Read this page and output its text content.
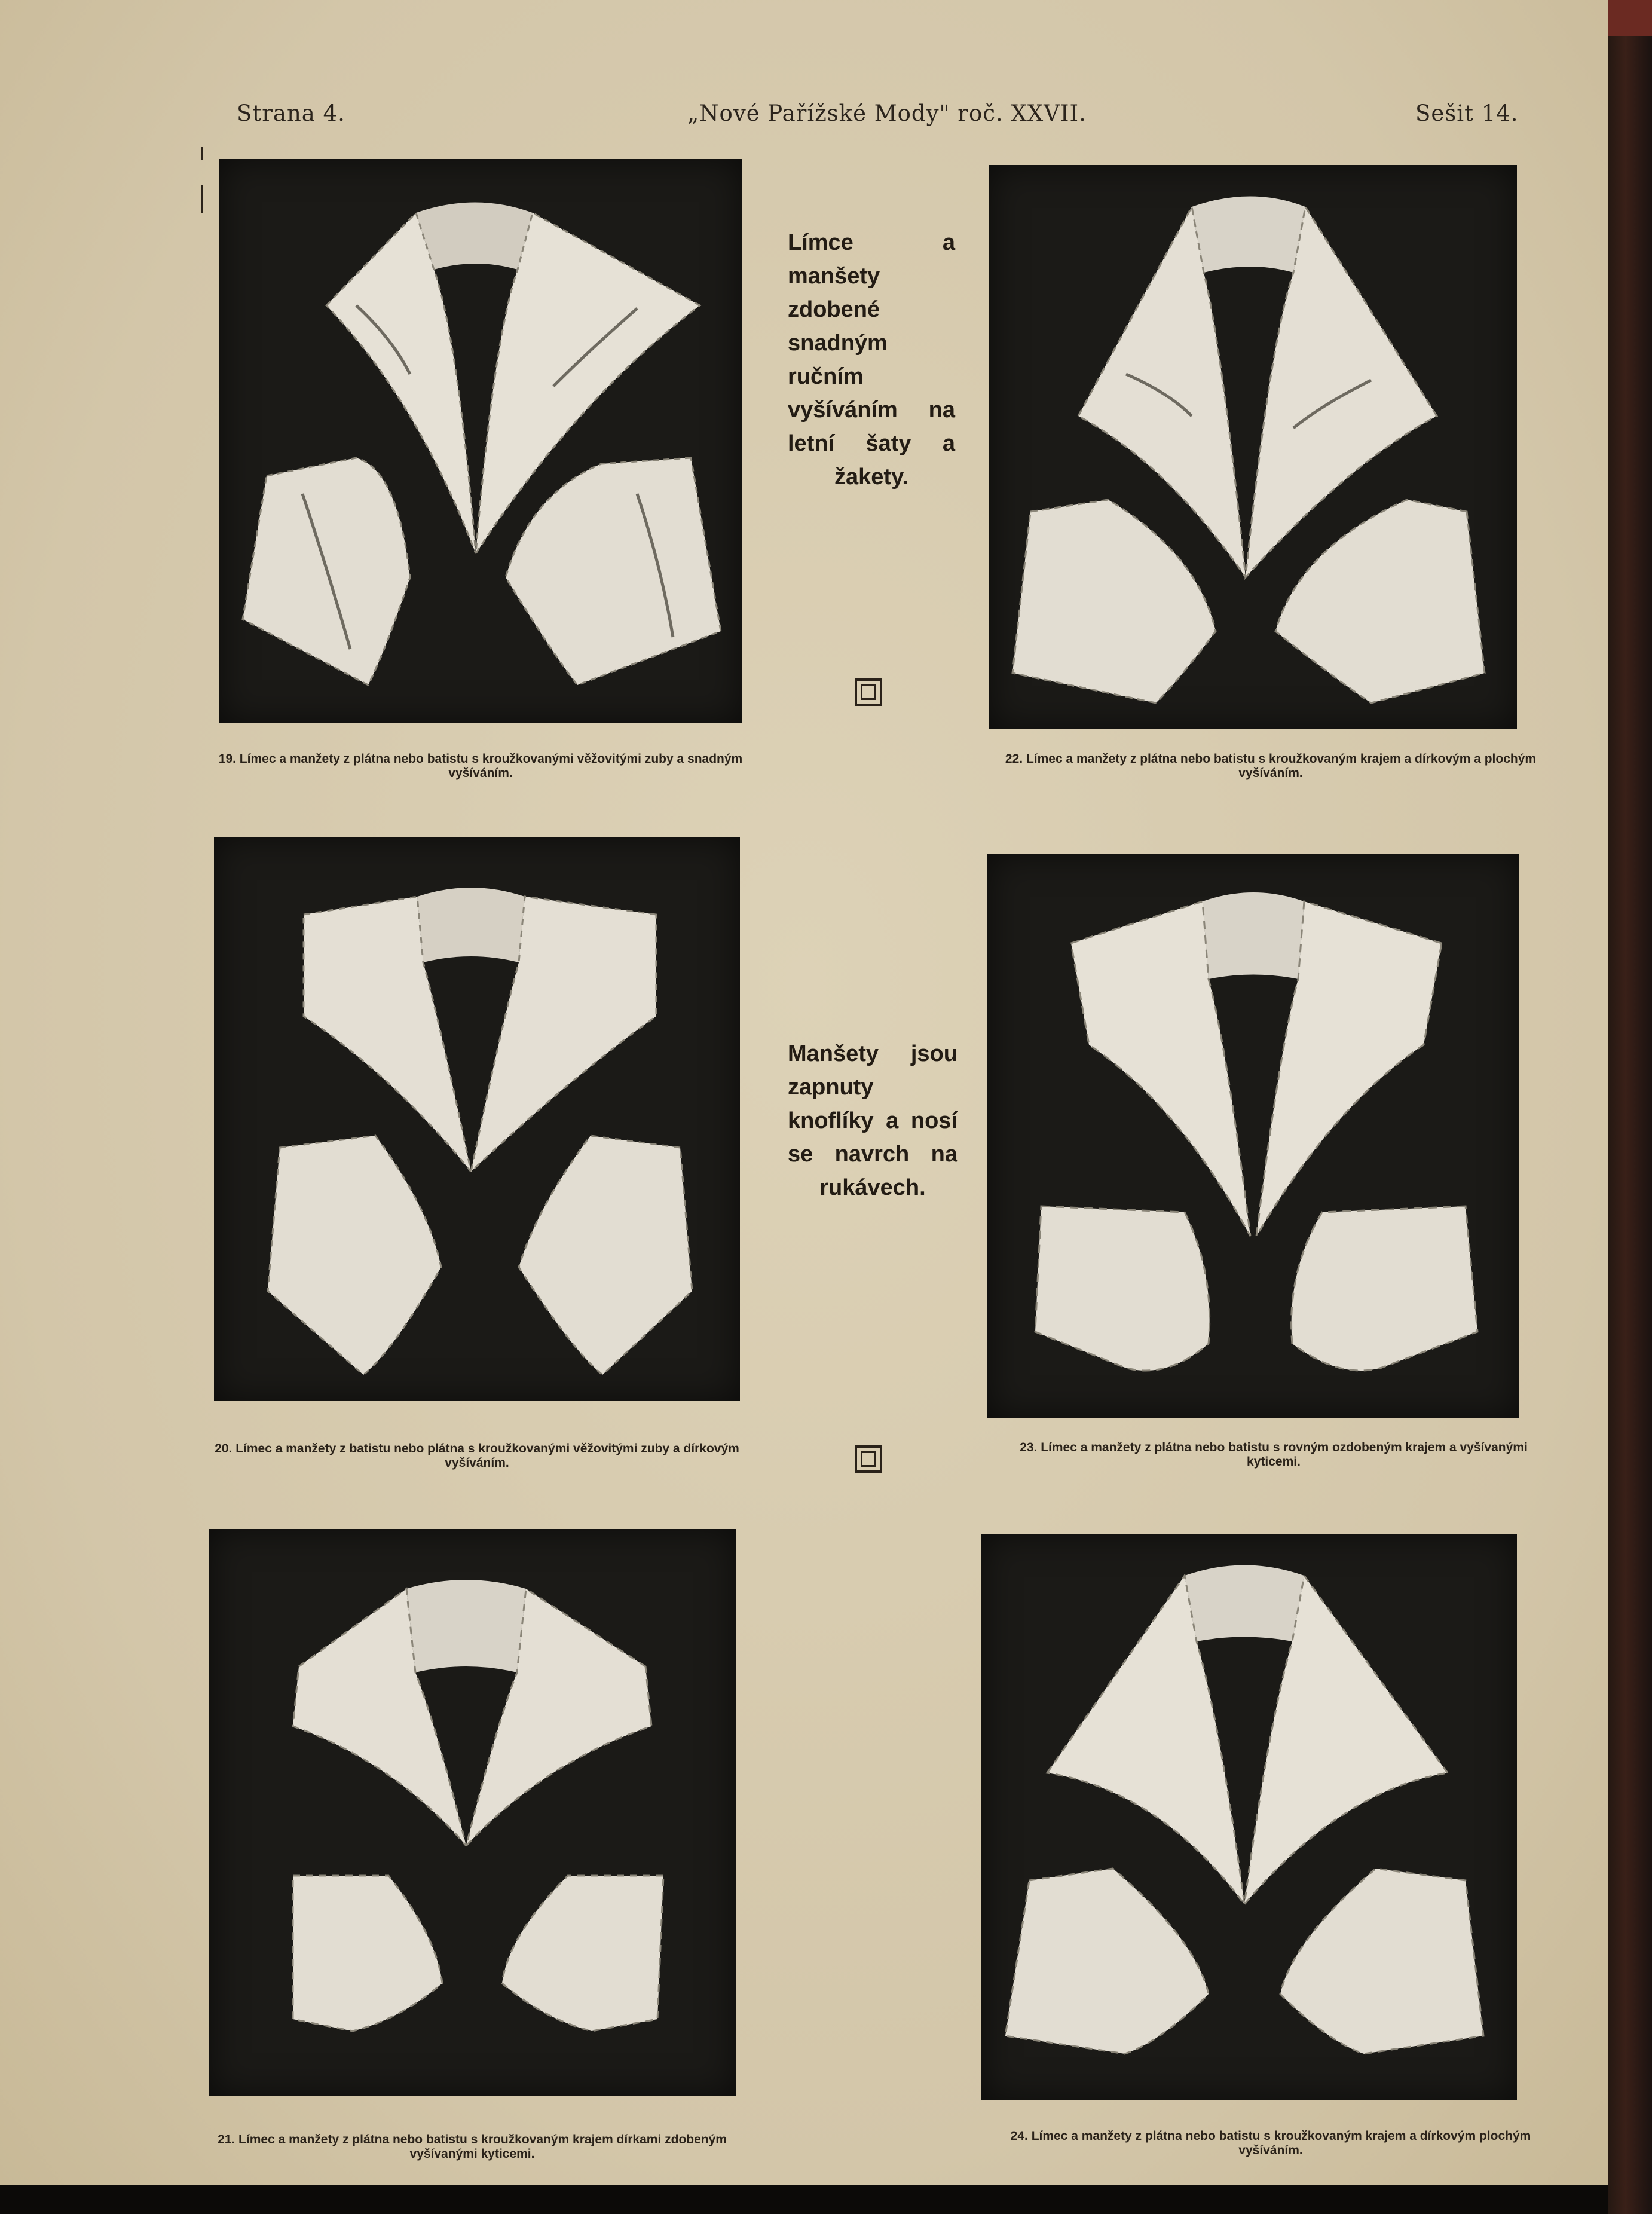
Strana 4.	„Nové Pařížské Mody" roč. XXVII.	Sešit 14.
19. Límec a manžety z plátna nebo batistu s kroužkovanými věžovitými zuby a snadným vyšíváním.
22. Límec a manžety z plátna nebo batistu s kroužkovaným krajem a dírkovým a plochým vyšíváním.
Límce a manšety zdobené snadným ručním vyšíváním na letní šaty a žakety.
20. Límec a manžety z batistu nebo plátna s kroužkovanými věžovitými zuby a dírkovým vyšíváním.
23. Límec a manžety z plátna nebo batistu s rovným ozdobeným krajem a vyšívanými kyticemi.
Manšety jsou zapnuty knoflíky a nosí se navrch na rukávech.
21. Límec a manžety z plátna nebo batistu s kroužkovaným krajem dírkami zdobeným vyšívanými kyticemi.
24. Límec a manžety z plátna nebo batistu s kroužkovaným krajem a dírkovým plochým vyšíváním.
